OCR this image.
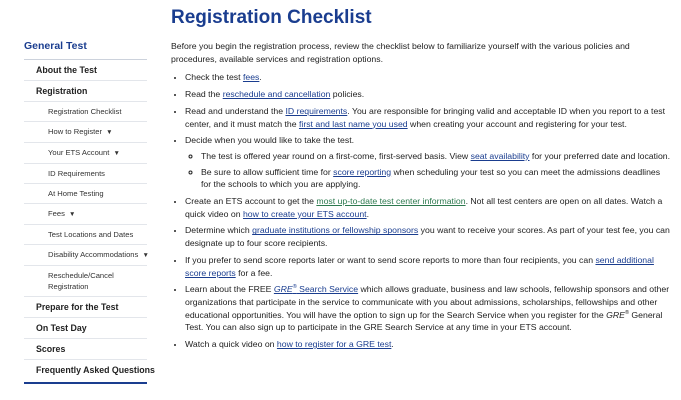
General Test
About the Test
Registration
Registration Checklist
How to Register ▼
Your ETS Account ▼
ID Requirements
At Home Testing
Fees ▼
Test Locations and Dates
Disability Accommodations ▼
Reschedule/Cancel Registration
Prepare for the Test
On Test Day
Scores
Frequently Asked Questions
Registration Checklist

Before you begin the registration process, review the checklist below to familiarize yourself with the various policies and procedures, available services and registration options.

• Check the test fees.
• Read the reschedule and cancellation policies.
• Read and understand the ID requirements. You are responsible for bringing valid and acceptable ID when you report to a test center, and it must match the first and last name you used when creating your account and registering for your test.
• Decide when you would like to take the test.
◦ The test is offered year round on a first-come, first-served basis. View seat availability for your preferred date and location.
◦ Be sure to allow sufficient time for score reporting when scheduling your test so you can meet the admissions deadlines for the schools to which you are applying.
• Create an ETS account to get the most up-to-date test center information. Not all test centers are open on all dates. Watch a quick video on how to create your ETS account.
• Determine which graduate institutions or fellowship sponsors you want to receive your scores. As part of your test fee, you can designate up to four score recipients.
• If you prefer to send score reports later or want to send score reports to more than four recipients, you can send additional score reports for a fee.
• Learn about the FREE GRE® Search Service which allows graduate, business and law schools, fellowship sponsors and other organizations that participate in the service to communicate with you about admissions, scholarships, fellowships and other educational opportunities. You will have the option to sign up for the Search Service when you register for the GRE® General Test. You can also sign up to participate in the GRE Search Service at any time in your ETS account.
• Watch a quick video on how to register for a GRE test.
